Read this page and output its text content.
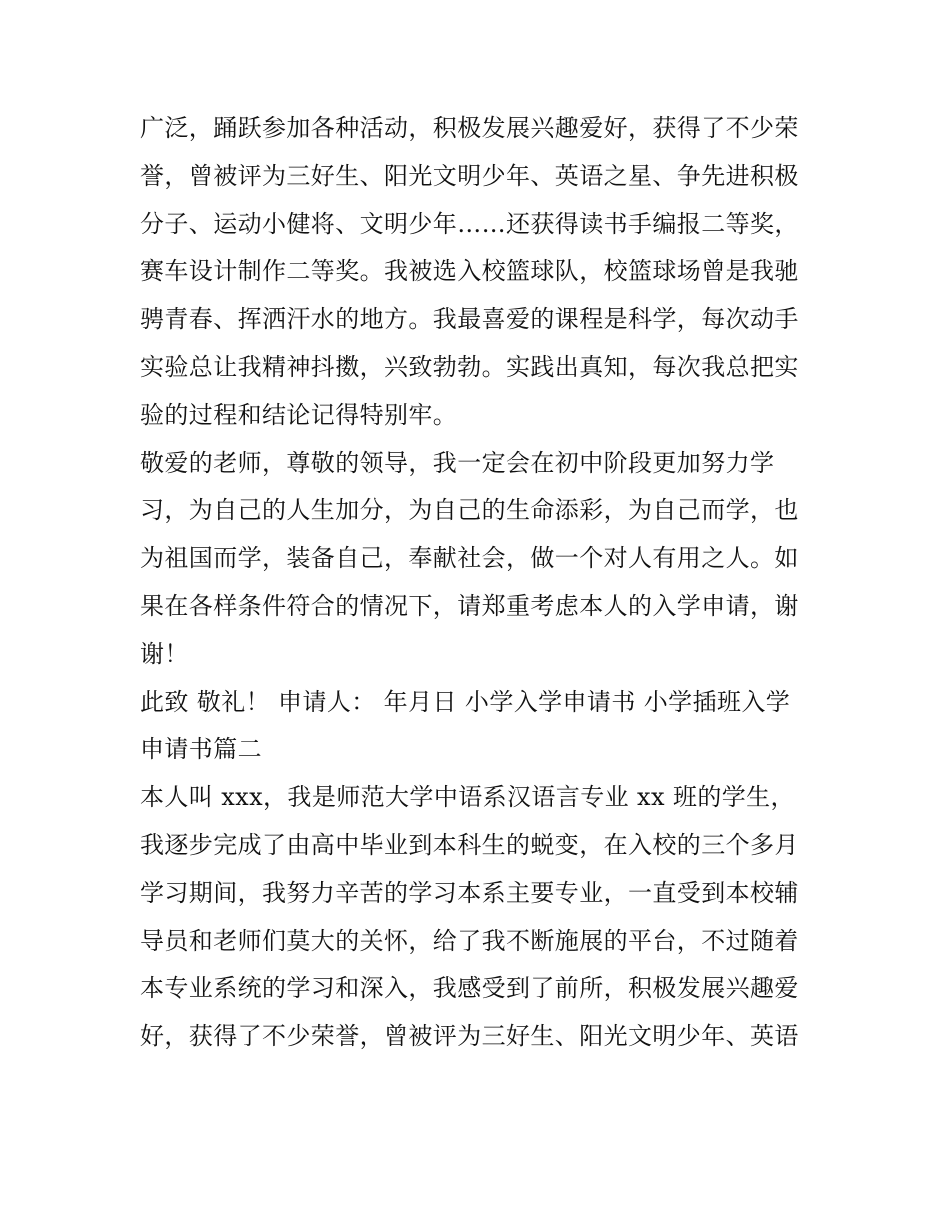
广泛，踊跃参加各种活动，积极发展兴趣爱好，获得了不少荣
誉，曾被评为三好生、阳光文明少年、英语之星、争先进积极
分子、运动小健将、文明少年……还获得读书手编报二等奖，
赛车设计制作二等奖。我被选入校篮球队，校篮球场曾是我驰
骋青春、挥洒汗水的地方。我最喜爱的课程是科学，每次动手
实验总让我精神抖擞，兴致勃勃。实践出真知，每次我总把实
验的过程和结论记得特别牢。
敬爱的老师，尊敬的领导，我一定会在初中阶段更加努力学
习，为自己的人生加分，为自己的生命添彩，为自己而学，也
为祖国而学，装备自己，奉献社会，做一个对人有用之人。如
果在各样条件符合的情况下，请郑重考虑本人的入学申请，谢
谢！
此致 敬礼！ 申请人： 年月日 小学入学申请书 小学插班入学
申请书篇二
本人叫 xxx，我是师范大学中语系汉语言专业 xx 班的学生，
我逐步完成了由高中毕业到本科生的蜕变，在入校的三个多月
学习期间，我努力辛苦的学习本系主要专业，一直受到本校辅
导员和老师们莫大的关怀，给了我不断施展的平台，不过随着
本专业系统的学习和深入，我感受到了前所，积极发展兴趣爱
好，获得了不少荣誉，曾被评为三好生、阳光文明少年、英语
